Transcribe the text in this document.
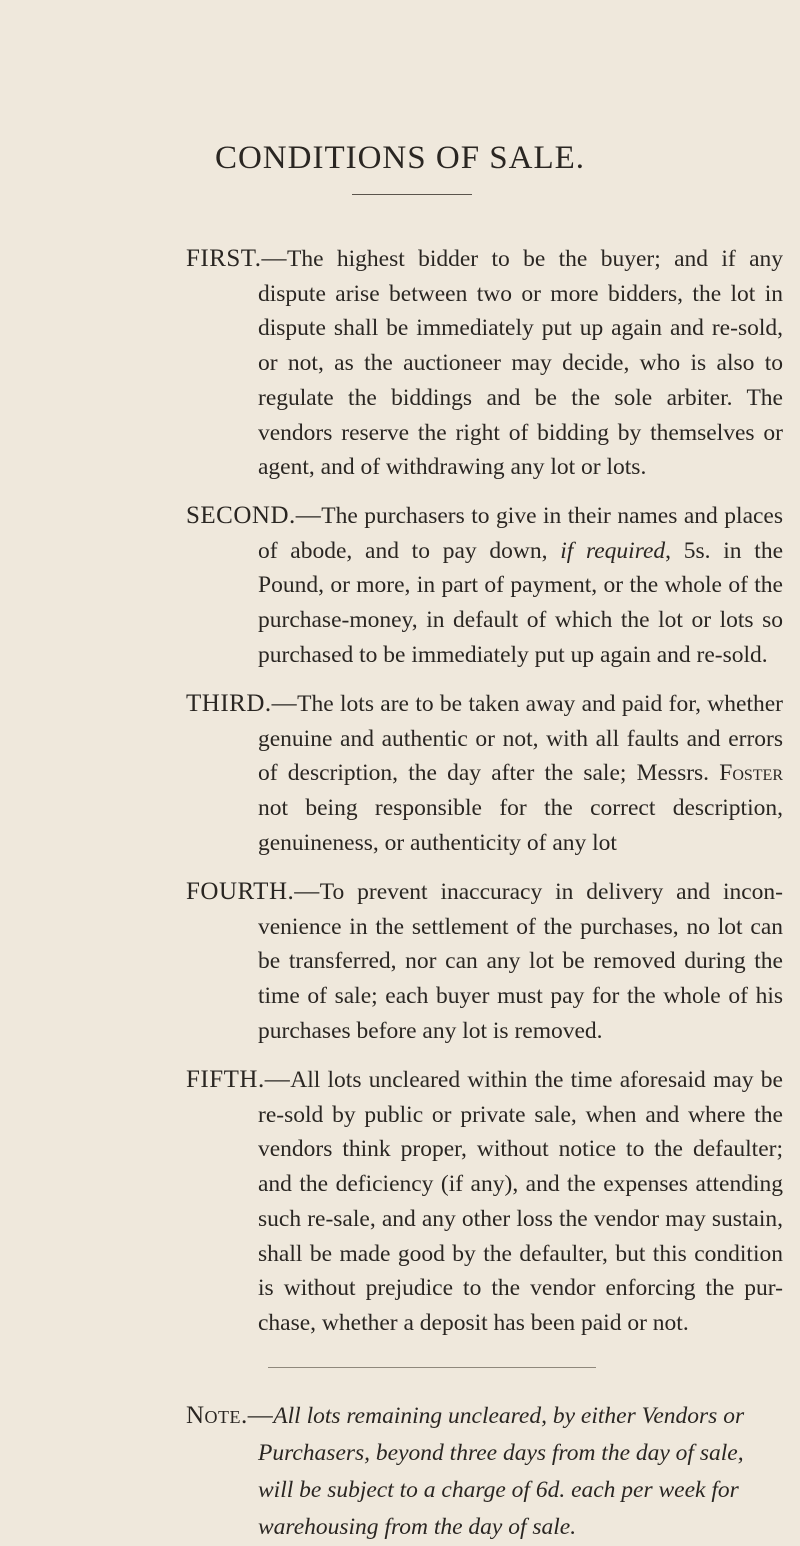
CONDITIONS OF SALE.

FIRST.—The highest bidder to be the buyer; and if any dispute arise between two or more bidders, the lot in dispute shall be immediately put up again and re-sold, or not, as the auctioneer may decide, who is also to regulate the biddings and be the sole arbiter. The vendors reserve the right of bidding by themselves or agent, and of withdrawing any lot or lots.

SECOND.—The purchasers to give in their names and places of abode, and to pay down, if required, 5s. in the Pound, or more, in part of payment, or the whole of the purchase-money, in default of which the lot or lots so purchased to be immediately put up again and re-sold.

THIRD.—The lots are to be taken away and paid for, whether genuine and authentic or not, with all faults and errors of description, the day after the sale; Messrs. Foster not being responsible for the correct description, genuineness, or authenticity of any lot

FOURTH.—To prevent inaccuracy in delivery and incon-venience in the settlement of the purchases, no lot can be transferred, nor can any lot be removed during the time of sale; each buyer must pay for the whole of his purchases before any lot is removed.

FIFTH.—All lots uncleared within the time aforesaid may be re-sold by public or private sale, when and where the vendors think proper, without notice to the defaulter; and the deficiency (if any), and the expenses attending such re-sale, and any other loss the vendor may sustain, shall be made good by the defaulter, but this condition is without prejudice to the vendor enforcing the pur-chase, whether a deposit has been paid or not.

Note.—All lots remaining uncleared, by either Vendors or Purchasers, beyond three days from the day of sale, will be subject to a charge of 6d. each per week for warehousing from the day of sale.
